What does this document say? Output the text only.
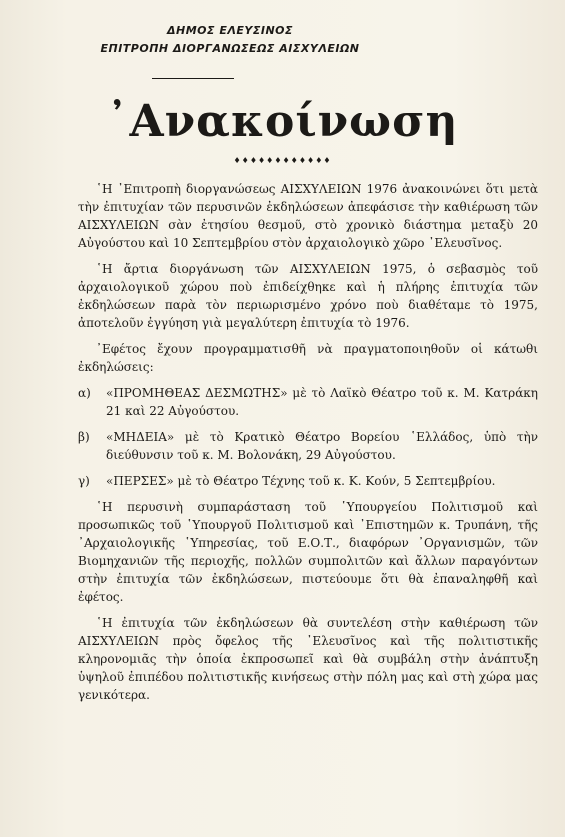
ΔΗΜΟΣ ΕΛΕΥΣΙΝΟΣ
ΕΠΙΤΡΟΠΗ ΔΙΟΡΓΑΝΩΣΕΩΣ ΑΙΣΧΥΛΕΙΩΝ
᾿Ανακοίνωση
♦♦♦♦♦♦♦♦♦♦♦♦

῾Η ᾿Επιτροπὴ διοργανώσεως ΑΙΣΧΥΛΕΙΩΝ 1976 ἀνακοινώνει ὅτι μετὰ τὴν ἐπιτυχίαν τῶν περυσινῶν ἐκδηλώσεων ἀπεφάσισε τὴν καθιέρωση τῶν ΑΙΣΧΥΛΕΙΩΝ σὰν ἐτησίου θεσμοῦ, στὸ χρονικὸ διάστημα μεταξὺ 20 Αὐγούστου καὶ 10 Σεπτεμβρίου στὸν ἀρχαιολογικὸ χῶρο ᾿Ελευσῖνος.

῾Η ἄρτια διοργάνωση τῶν ΑΙΣΧΥΛΕΙΩΝ 1975, ὁ σεβασμὸς τοῦ ἀρχαιολογικοῦ χώρου ποὺ ἐπιδείχθηκε καὶ ἡ πλήρης ἐπιτυχία τῶν ἐκδηλώσεων παρὰ τὸν περιωρισμένο χρόνο ποὺ διαθέταμε τὸ 1975, ἀποτελοῦν ἐγγύηση γιὰ μεγαλύτερη ἐπιτυχία τὸ 1976.

᾿Εφέτος ἔχουν προγραμματισθῆ νὰ πραγματοποιηθοῦν οἱ κάτωθι ἐκδηλώσεις:

α)	«ΠΡΟΜΗΘΕΑΣ ΔΕΣΜΩΤΗΣ» μὲ τὸ Λαϊκὸ Θέατρο τοῦ κ. Μ. Κατράκη 21 καὶ 22 Αὐγούστου.
β)	«ΜΗΔΕΙΑ» μὲ τὸ Κρατικὸ Θέατρο Βορείου ῾Ελλάδος, ὑπὸ τὴν διεύθυνσιν τοῦ κ. Μ. Βολονάκη, 29 Αὐγούστου.
γ)	«ΠΕΡΣΕΣ» μὲ τὸ Θέατρο Τέχνης τοῦ κ. Κ. Κούν, 5 Σεπτεμβρίου.

῾Η περυσινὴ συμπαράσταση τοῦ ῾Υπουργείου Πολιτισμοῦ καὶ προσωπικῶς τοῦ ῾Υπουργοῦ Πολιτισμοῦ καὶ ᾿Επιστημῶν κ. Τρυπάνη, τῆς ᾿Αρχαιολογικῆς ῾Υπηρεσίας, τοῦ Ε.Ο.Τ., διαφόρων ᾿Οργανισμῶν, τῶν Βιομηχανιῶν τῆς περιοχῆς, πολλῶν συμπολιτῶν καὶ ἄλλων παραγόντων στὴν ἐπιτυχία τῶν ἐκδηλώσεων, πιστεύουμε ὅτι θὰ ἐπαναληφθῆ καὶ ἐφέτος.

῾Η ἐπιτυχία τῶν ἐκδηλώσεων θὰ συντελέση στὴν καθιέρωση τῶν ΑΙΣΧΥΛΕΙΩΝ πρὸς ὄφελος τῆς ᾿Ελευσῖνος καὶ τῆς πολιτιστικῆς κληρονομιᾶς τὴν ὁποία ἐκπροσωπεῖ καὶ θὰ συμβάλη στὴν ἀνάπτυξη ὑψηλοῦ ἐπιπέδου πολιτιστικῆς κινήσεως στὴν πόλη μας καὶ στὴ χώρα μας γενικότερα.
